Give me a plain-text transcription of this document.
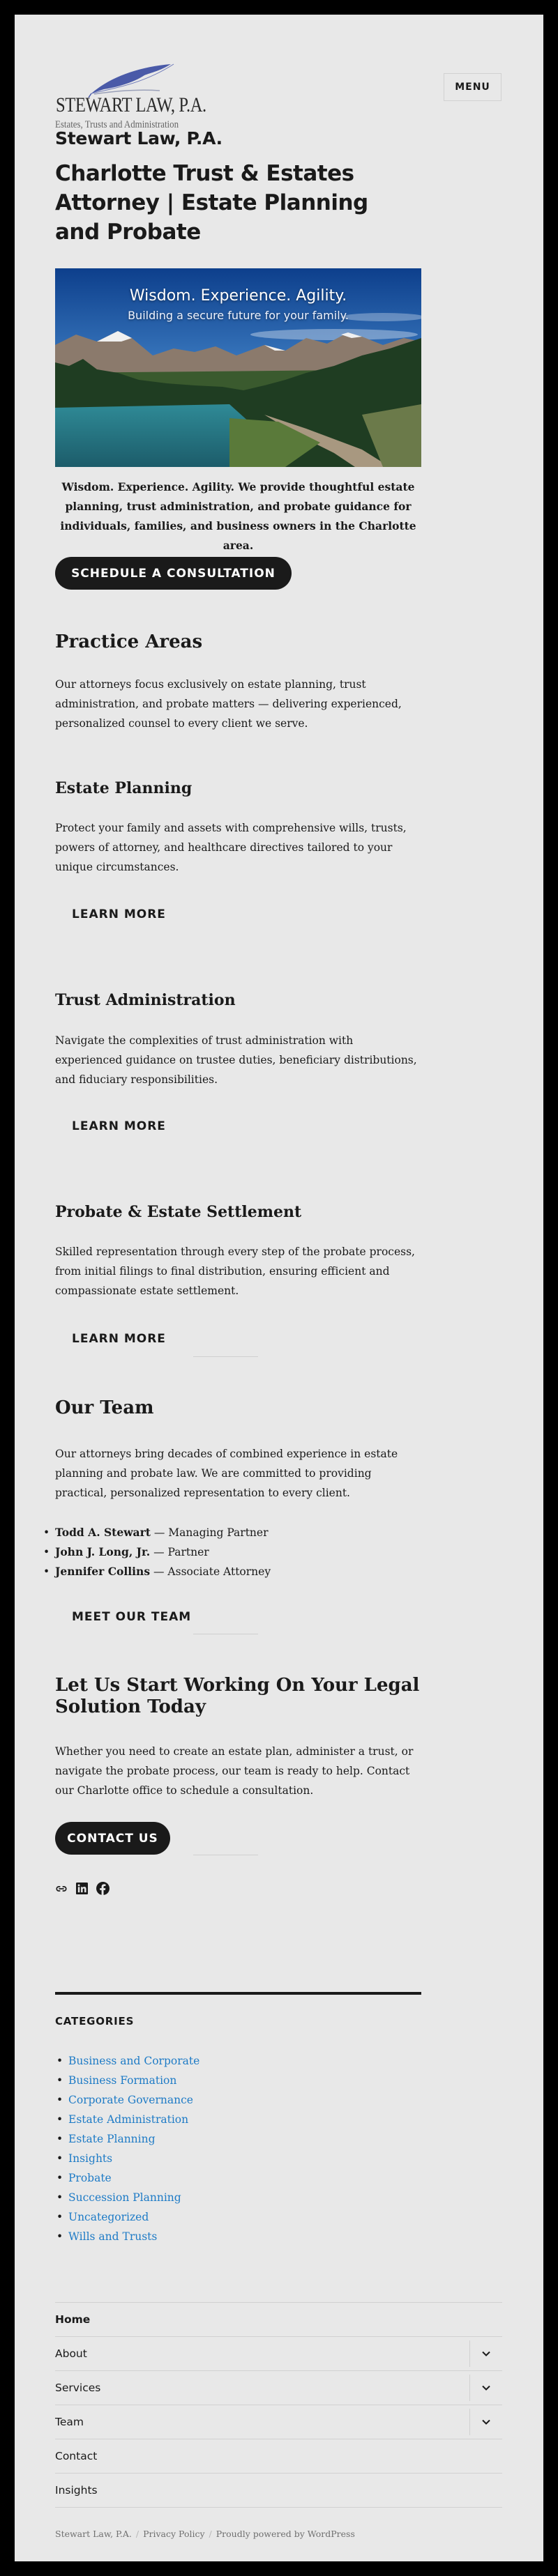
STEWART LAW, P.A.
Estates, Trusts and Administration
Stewart Law, P.A.
MENU
Charlotte Trust & Estates Attorney | Estate Planning and Probate
Wisdom. Experience. Agility.
Building a secure future for your family.

Wisdom. Experience. Agility. We provide thoughtful estate planning, trust administration, and probate guidance for individuals, families, and business owners in the Charlotte area.

SCHEDULE A CONSULTATION
Practice Areas

Our attorneys focus exclusively on estate planning, trust administration, and probate matters — delivering experienced, personalized counsel to every client we serve.

Estate Planning

Protect your family and assets with comprehensive wills, trusts, powers of attorney, and healthcare directives tailored to your unique circumstances.

LEARN MORE
Trust Administration

Navigate the complexities of trust administration with experienced guidance on trustee duties, beneficiary distributions, and fiduciary responsibilities.

LEARN MORE
Probate & Estate Settlement

Skilled representation through every step of the probate process, from initial filings to final distribution, ensuring efficient and compassionate estate settlement.

LEARN MORE
Our Team

Our attorneys bring decades of combined experience in estate planning and probate law. We are committed to providing practical, personalized representation to every client.

• Todd A. Stewart — Managing Partner
• John J. Long, Jr. — Partner
• Jennifer Collins — Associate Attorney
MEET OUR TEAM
Let Us Start Working On Your Legal Solution Today

Whether you need to create an estate plan, administer a trust, or navigate the probate process, our team is ready to help. Contact our Charlotte office to schedule a consultation.

CONTACT US
CATEGORIES
• Business and Corporate
• Business Formation
• Corporate Governance
• Estate Administration
• Estate Planning
• Insights
• Probate
• Succession Planning
• Uncategorized
• Wills and Trusts
Home
About
Services
Team
Contact
Insights
Stewart Law, P.A. / Privacy Policy / Proudly powered by WordPress
